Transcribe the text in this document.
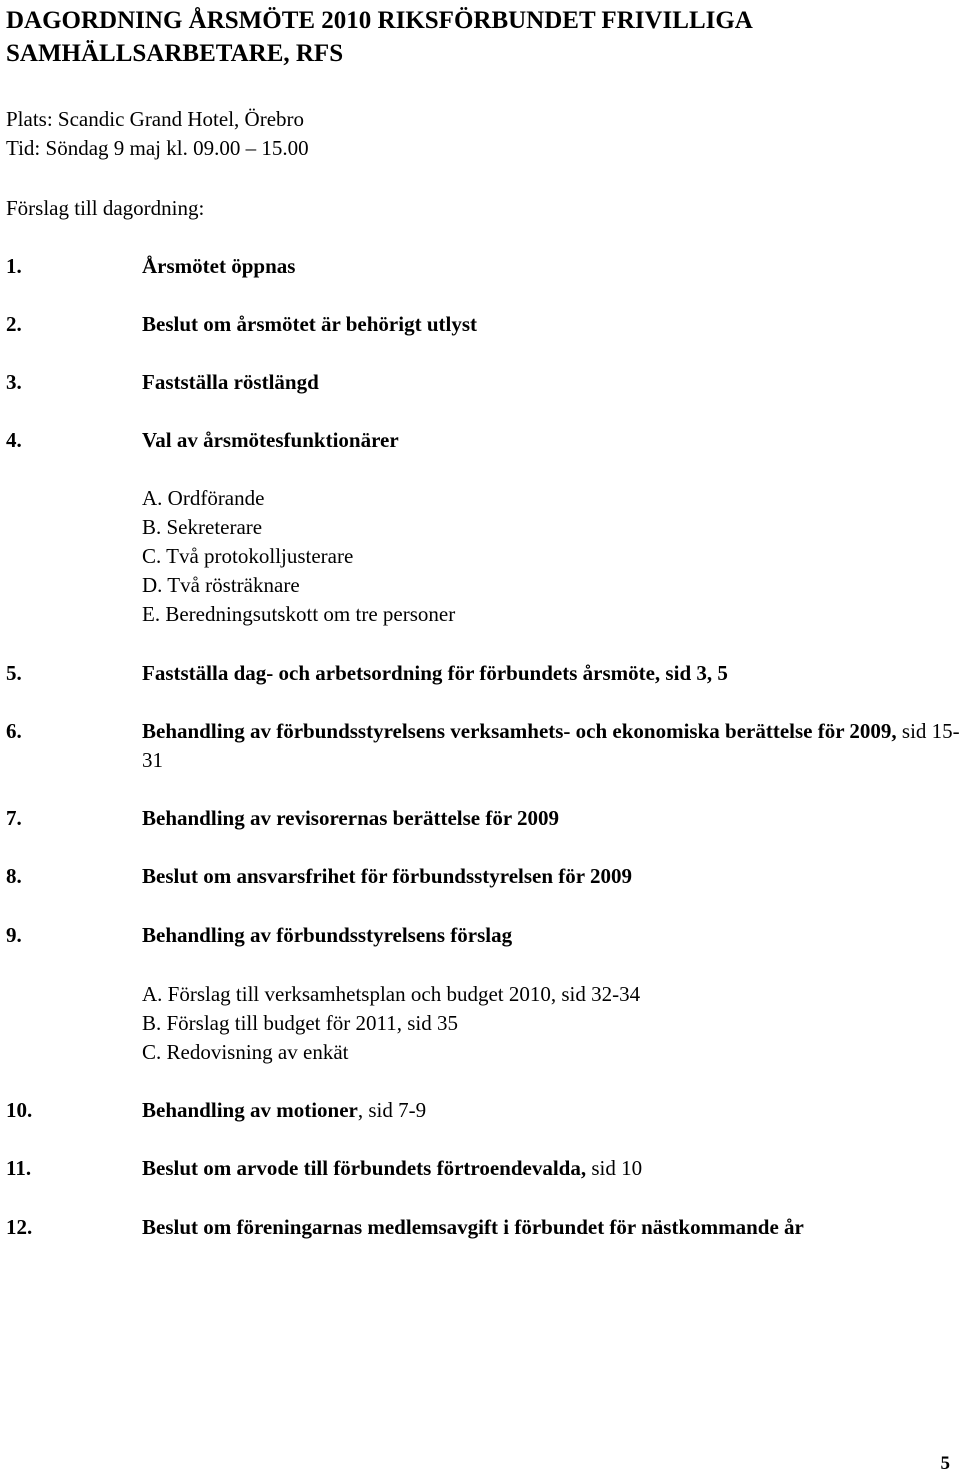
DAGORDNING ÅRSMÖTE 2010 RIKSFÖRBUNDET FRIVILLIGA SAMHÄLLSARBETARE, RFS
Plats: Scandic Grand Hotel, Örebro
Tid: Söndag 9 maj kl. 09.00 – 15.00
Förslag till dagordning:
1.	Årsmötet öppnas
2.	Beslut om årsmötet är behörigt utlyst
3.	Fastställa röstlängd
4.	Val av årsmötesfunktionärer
A. Ordförande
B. Sekreterare
C. Två protokolljusterare
D. Två rösträknare
E. Beredningsutskott om tre personer
5.	Fastställa dag- och arbetsordning för förbundets årsmöte, sid 3, 5
6.	Behandling av förbundsstyrelsens verksamhets- och ekonomiska berättelse för 2009, sid 15-31
7.	Behandling av revisorernas berättelse för 2009
8.	Beslut om ansvarsfrihet för förbundsstyrelsen för 2009
9.	Behandling av förbundsstyrelsens förslag
A. Förslag till verksamhetsplan och budget 2010, sid 32-34
B. Förslag till budget för 2011, sid 35
C. Redovisning av enkät
10.	Behandling av motioner, sid 7-9
11.	Beslut om arvode till förbundets förtroendevalda, sid 10
12.	Beslut om föreningarnas medlemsavgift i förbundet för nästkommande år
5
